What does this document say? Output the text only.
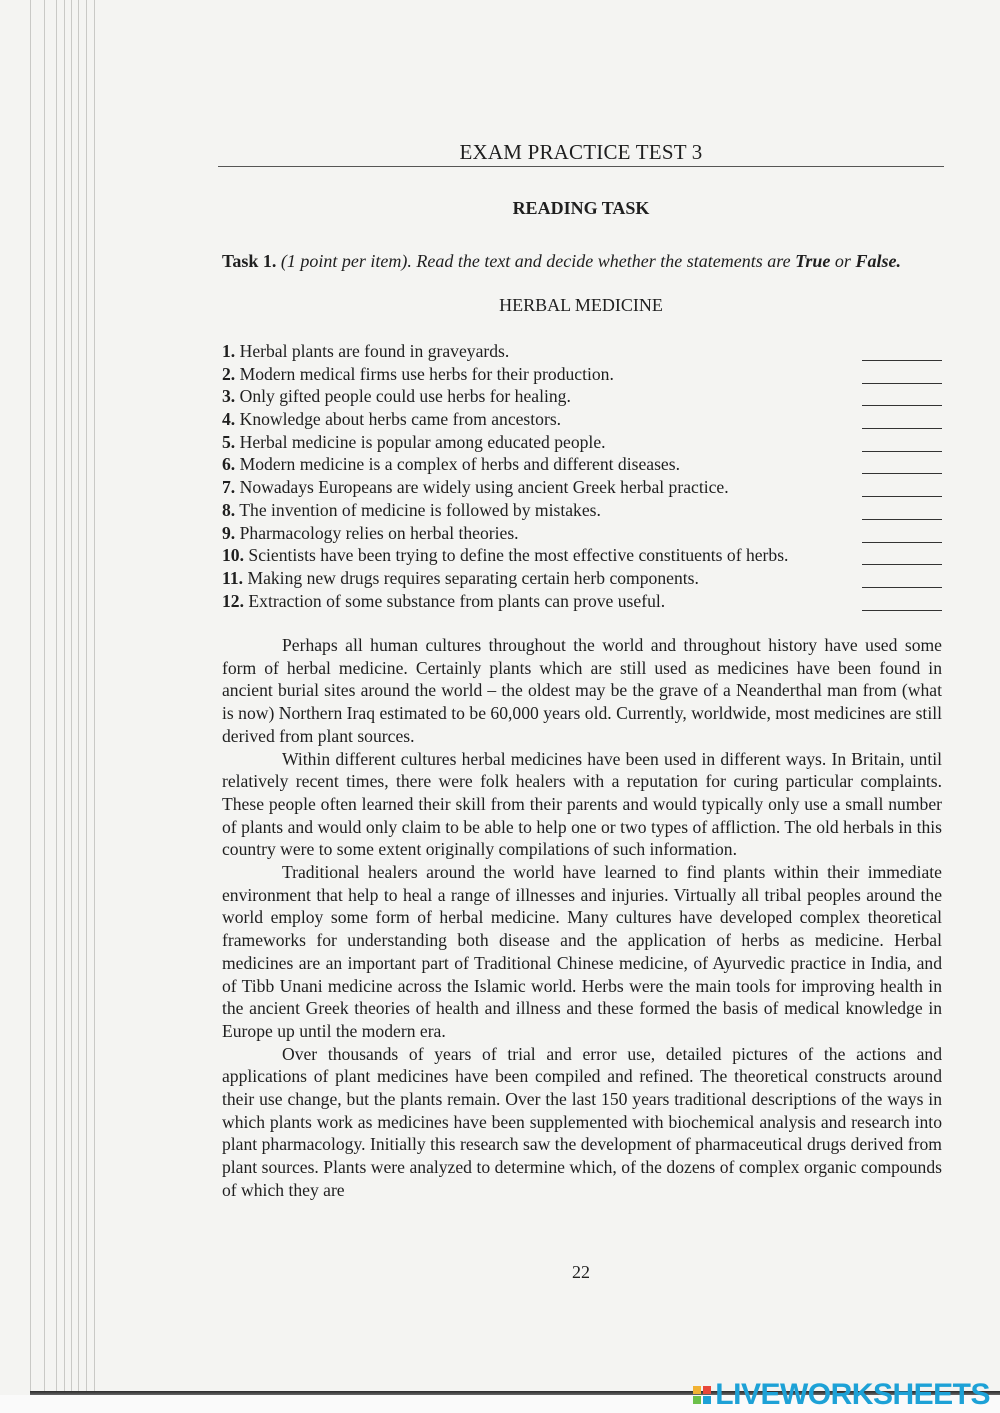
EXAM PRACTICE TEST 3
READING TASK
Task 1. (1 point per item). Read the text and decide whether the statements are True or False.
HERBAL MEDICINE
1. Herbal plants are found in graveyards.
2. Modern medical firms use herbs for their production.
3. Only gifted people could use herbs for healing.
4. Knowledge about herbs came from ancestors.
5. Herbal medicine is popular among educated people.
6. Modern medicine is a complex of herbs and different diseases.
7. Nowadays Europeans are widely using ancient Greek herbal practice.
8. The invention of medicine is followed by mistakes.
9. Pharmacology relies on herbal theories.
10. Scientists have been trying to define the most effective constituents of herbs.
11. Making new drugs requires separating certain herb components.
12. Extraction of some substance from plants can prove useful.

Perhaps all human cultures throughout the world and throughout history have used some form of herbal medicine. Certainly plants which are still used as medicines have been found in ancient burial sites around the world – the oldest may be the grave of a Neanderthal man from (what is now) Northern Iraq estimated to be 60,000 years old. Currently, worldwide, most medicines are still derived from plant sources.

Within different cultures herbal medicines have been used in different ways. In Britain, until relatively recent times, there were folk healers with a reputation for curing particular complaints. These people often learned their skill from their parents and would typically only use a small number of plants and would only claim to be able to help one or two types of affliction. The old herbals in this country were to some extent originally compilations of such information.

Traditional healers around the world have learned to find plants within their immediate environment that help to heal a range of illnesses and injuries. Virtually all tribal peoples around the world employ some form of herbal medicine. Many cultures have developed complex theoretical frameworks for understanding both disease and the application of herbs as medicine. Herbal medicines are an important part of Traditional Chinese medicine, of Ayurvedic practice in India, and of Tibb Unani medicine across the Islamic world. Herbs were the main tools for improving health in the ancient Greek theories of health and illness and these formed the basis of medical knowledge in Europe up until the modern era.

Over thousands of years of trial and error use, detailed pictures of the actions and applications of plant medicines have been compiled and refined. The theoretical constructs around their use change, but the plants remain. Over the last 150 years traditional descriptions of the ways in which plants work as medicines have been supplemented with biochemical analysis and research into plant pharmacology. Initially this research saw the development of pharmaceutical drugs derived from plant sources. Plants were analyzed to determine which, of the dozens of complex organic compounds of which they are

22
LIVEWORKSHEETS
